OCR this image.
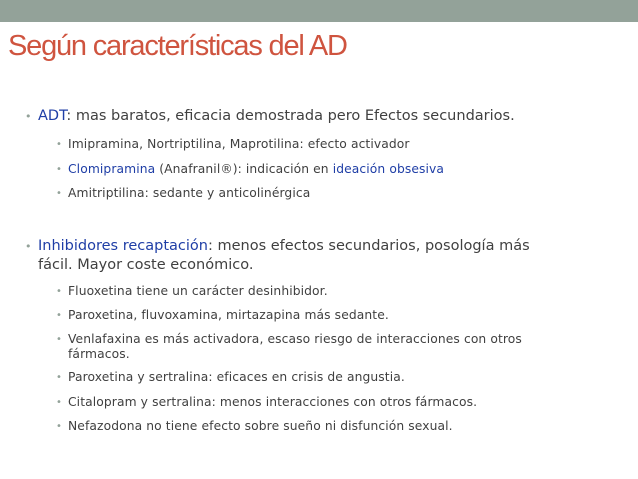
Según características del AD
• ADT: mas baratos, eficacia demostrada pero Efectos secundarios.
• Imipramina, Nortriptilina, Maprotilina: efecto activador
• Clomipramina (Anafranil®): indicación en ideación obsesiva
• Amitriptilina: sedante y anticolinérgica
• Inhibidores recaptación: menos efectos secundarios, posología más
fácil. Mayor coste económico.
• Fluoxetina tiene un carácter desinhibidor.
• Paroxetina, fluvoxamina, mirtazapina más sedante.
• Venlafaxina es más activadora, escaso riesgo de interacciones con otros
fármacos.
• Paroxetina y sertralina: eficaces en crisis de angustia.
• Citalopram y sertralina: menos interacciones con otros fármacos.
• Nefazodona no tiene efecto sobre sueño ni disfunción sexual.
